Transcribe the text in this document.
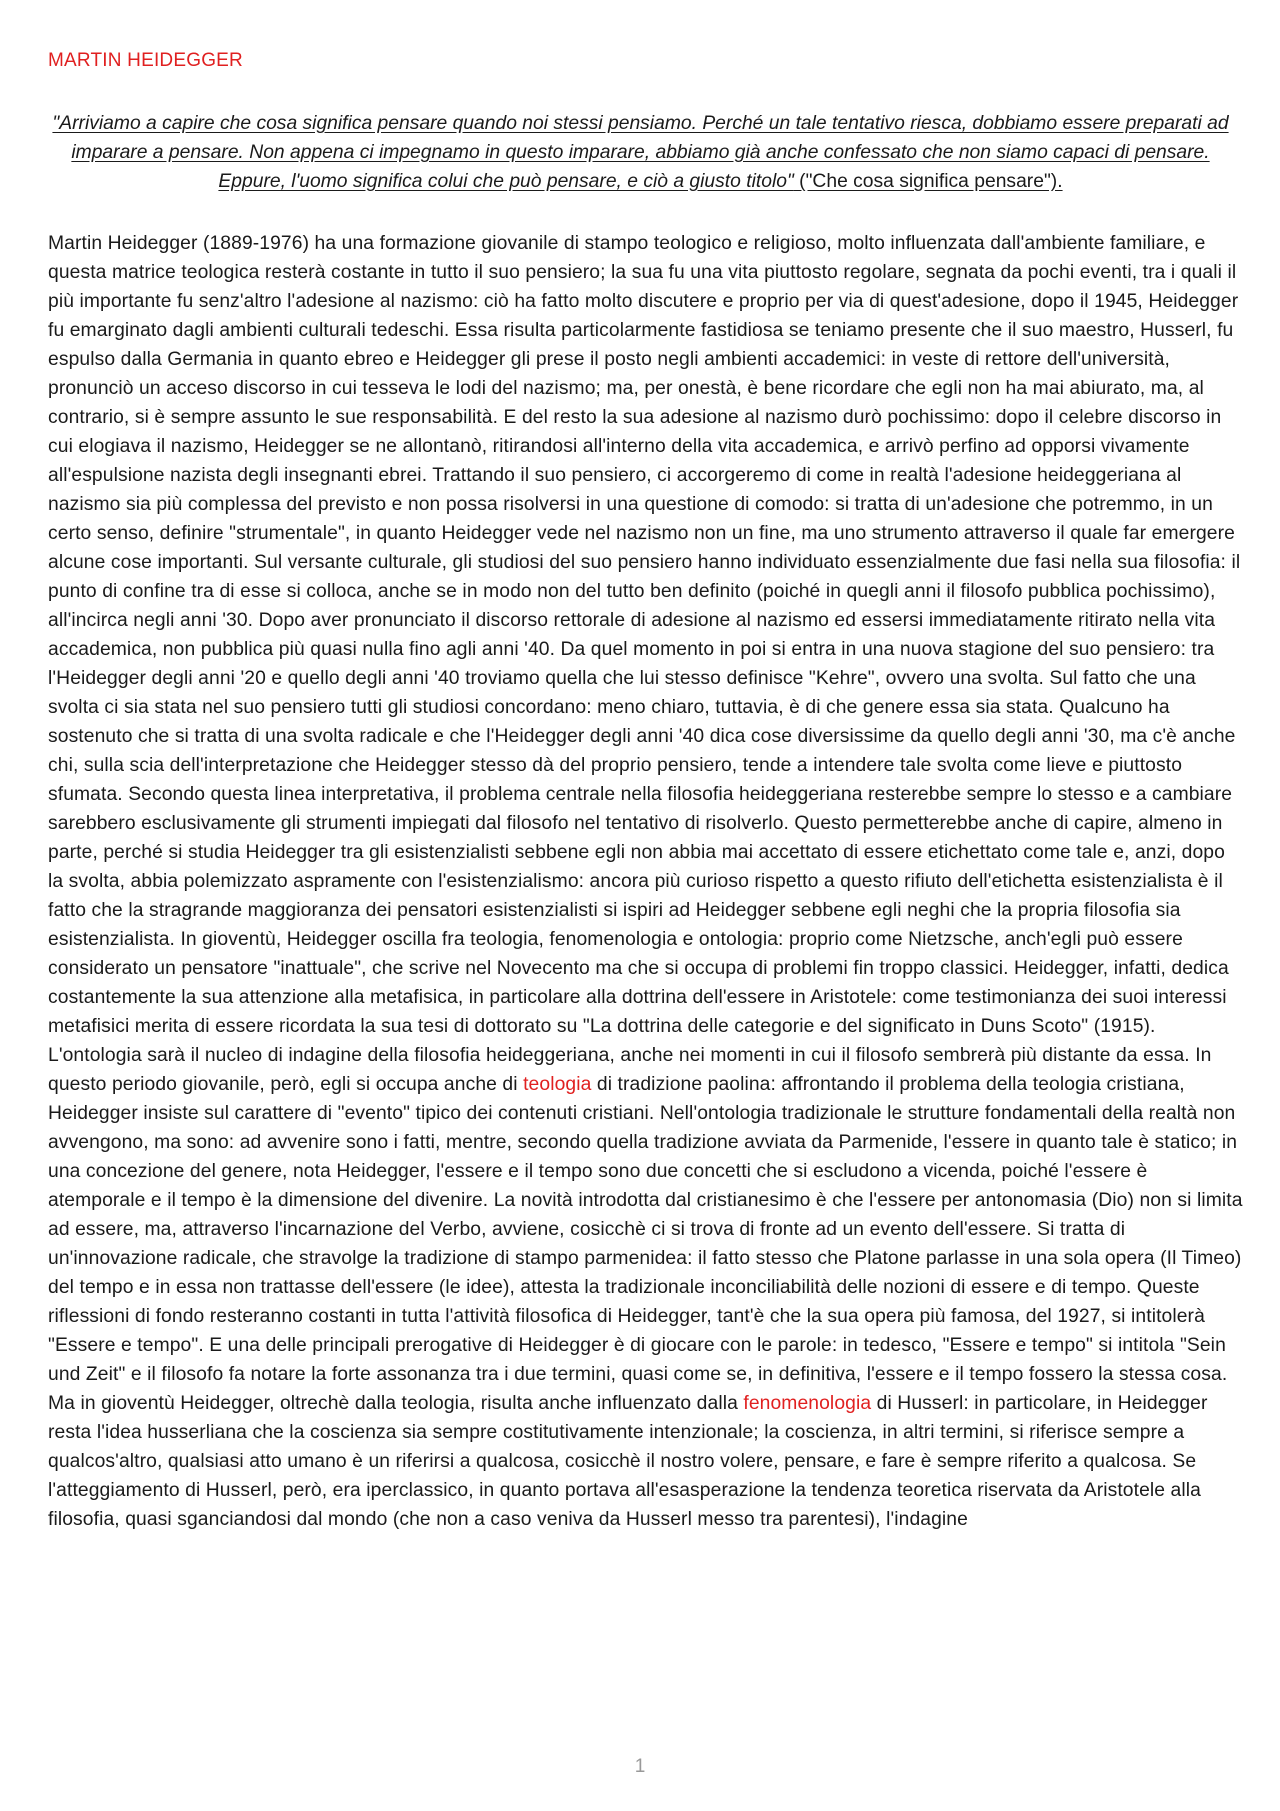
MARTIN HEIDEGGER
"Arriviamo a capire che cosa significa pensare quando noi stessi pensiamo. Perché un tale tentativo riesca, dobbiamo essere preparati ad imparare a pensare. Non appena ci impegnamo in questo imparare, abbiamo già anche confessato che non siamo capaci di pensare. Eppure, l'uomo significa colui che può pensare, e ciò a giusto titolo" ("Che cosa significa pensare").
Martin Heidegger (1889-1976) ha una formazione giovanile di stampo teologico e religioso, molto influenzata dall'ambiente familiare, e questa matrice teologica resterà costante in tutto il suo pensiero; la sua fu una vita piuttosto regolare, segnata da pochi eventi, tra i quali il più importante fu senz'altro l'adesione al nazismo: ciò ha fatto molto discutere e proprio per via di quest'adesione, dopo il 1945, Heidegger fu emarginato dagli ambienti culturali tedeschi. Essa risulta particolarmente fastidiosa se teniamo presente che il suo maestro, Husserl, fu espulso dalla Germania in quanto ebreo e Heidegger gli prese il posto negli ambienti accademici: in veste di rettore dell'università, pronunciò un acceso discorso in cui tesseva le lodi del nazismo; ma, per onestà, è bene ricordare che egli non ha mai abiurato, ma, al contrario, si è sempre assunto le sue responsabilità. E del resto la sua adesione al nazismo durò pochissimo: dopo il celebre discorso in cui elogiava il nazismo, Heidegger se ne allontanò, ritirandosi all'interno della vita accademica, e arrivò perfino ad opporsi vivamente all'espulsione nazista degli insegnanti ebrei. Trattando il suo pensiero, ci accorgeremo di come in realtà l'adesione heideggeriana al nazismo sia più complessa del previsto e non possa risolversi in una questione di comodo: si tratta di un'adesione che potremmo, in un certo senso, definire "strumentale", in quanto Heidegger vede nel nazismo non un fine, ma uno strumento attraverso il quale far emergere alcune cose importanti. Sul versante culturale, gli studiosi del suo pensiero hanno individuato essenzialmente due fasi nella sua filosofia: il punto di confine tra di esse si colloca, anche se in modo non del tutto ben definito (poiché in quegli anni il filosofo pubblica pochissimo), all'incirca negli anni '30. Dopo aver pronunciato il discorso rettorale di adesione al nazismo ed essersi immediatamente ritirato nella vita accademica, non pubblica più quasi nulla fino agli anni '40. Da quel momento in poi si entra in una nuova stagione del suo pensiero: tra l'Heidegger degli anni '20 e quello degli anni '40 troviamo quella che lui stesso definisce "Kehre", ovvero una svolta. Sul fatto che una svolta ci sia stata nel suo pensiero tutti gli studiosi concordano: meno chiaro, tuttavia, è di che genere essa sia stata. Qualcuno ha sostenuto che si tratta di una svolta radicale e che l'Heidegger degli anni '40 dica cose diversissime da quello degli anni '30, ma c'è anche chi, sulla scia dell'interpretazione che Heidegger stesso dà del proprio pensiero, tende a intendere tale svolta come lieve e piuttosto sfumata. Secondo questa linea interpretativa, il problema centrale nella filosofia heideggeriana resterebbe sempre lo stesso e a cambiare sarebbero esclusivamente gli strumenti impiegati dal filosofo nel tentativo di risolverlo. Questo permetterebbe anche di capire, almeno in parte, perché si studia Heidegger tra gli esistenzialisti sebbene egli non abbia mai accettato di essere etichettato come tale e, anzi, dopo la svolta, abbia polemizzato aspramente con l'esistenzialismo: ancora più curioso rispetto a questo rifiuto dell'etichetta esistenzialista è il fatto che la stragrande maggioranza dei pensatori esistenzialisti si ispiri ad Heidegger sebbene egli neghi che la propria filosofia sia esistenzialista. In gioventù, Heidegger oscilla fra teologia, fenomenologia e ontologia: proprio come Nietzsche, anch'egli può essere considerato un pensatore "inattuale", che scrive nel Novecento ma che si occupa di problemi fin troppo classici. Heidegger, infatti, dedica costantemente la sua attenzione alla metafisica, in particolare alla dottrina dell'essere in Aristotele: come testimonianza dei suoi interessi metafisici merita di essere ricordata la sua tesi di dottorato su "La dottrina delle categorie e del significato in Duns Scoto" (1915). L'ontologia sarà il nucleo di indagine della filosofia heideggeriana, anche nei momenti in cui il filosofo sembrerà più distante da essa. In questo periodo giovanile, però, egli si occupa anche di teologia di tradizione paolina: affrontando il problema della teologia cristiana, Heidegger insiste sul carattere di "evento" tipico dei contenuti cristiani. Nell'ontologia tradizionale le strutture fondamentali della realtà non avvengono, ma sono: ad avvenire sono i fatti, mentre, secondo quella tradizione avviata da Parmenide, l'essere in quanto tale è statico; in una concezione del genere, nota Heidegger, l'essere e il tempo sono due concetti che si escludono a vicenda, poiché l'essere è atemporale e il tempo è la dimensione del divenire. La novità introdotta dal cristianesimo è che l'essere per antonomasia (Dio) non si limita ad essere, ma, attraverso l'incarnazione del Verbo, avviene, cosicchè ci si trova di fronte ad un evento dell'essere. Si tratta di un'innovazione radicale, che stravolge la tradizione di stampo parmenidea: il fatto stesso che Platone parlasse in una sola opera (Il Timeo) del tempo e in essa non trattasse dell'essere (le idee), attesta la tradizionale inconciliabilità delle nozioni di essere e di tempo. Queste riflessioni di fondo resteranno costanti in tutta l'attività filosofica di Heidegger, tant'è che la sua opera più famosa, del 1927, si intitolerà "Essere e tempo". E una delle principali prerogative di Heidegger è di giocare con le parole: in tedesco, "Essere e tempo" si intitola "Sein und Zeit" e il filosofo fa notare la forte assonanza tra i due termini, quasi come se, in definitiva, l'essere e il tempo fossero la stessa cosa. Ma in gioventù Heidegger, oltrechè dalla teologia, risulta anche influenzato dalla fenomenologia di Husserl: in particolare, in Heidegger resta l'idea husserliana che la coscienza sia sempre costitutivamente intenzionale; la coscienza, in altri termini, si riferisce sempre a qualcos'altro, qualsiasi atto umano è un riferirsi a qualcosa, cosicchè il nostro volere, pensare, e fare è sempre riferito a qualcosa. Se l'atteggiamento di Husserl, però, era iperclassico, in quanto portava all'esasperazione la tendenza teoretica riservata da Aristotele alla filosofia, quasi sganciandosi dal mondo (che non a caso veniva da Husserl messo tra parentesi), l'indagine
1
